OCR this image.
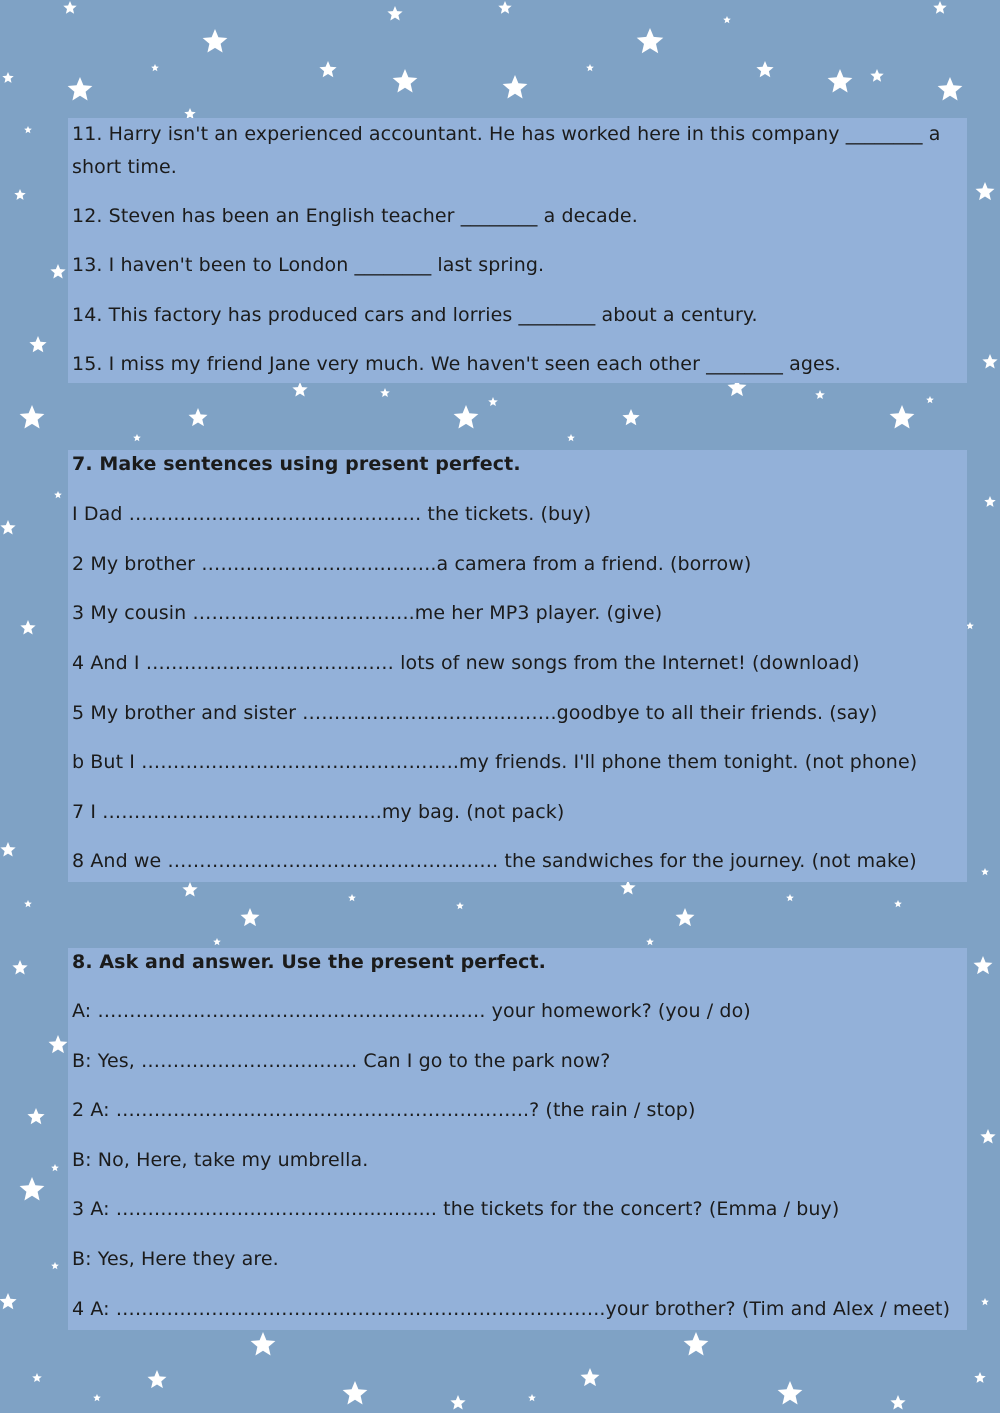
11. Harry isn't an experienced accountant. He has worked here in this company ________ a short time.
12. Steven has been an English teacher ________ a decade.
13. I haven't been to London ________ last spring.
14. This factory has produced cars and lorries ________ about a century.
15. I miss my friend Jane very much. We haven't seen each other ________ ages.
7. Make sentences using present perfect.
I Dad ………………………………………. the tickets. (buy)
2 My brother ……………………………….a camera from a friend. (borrow)
3 My cousin ……………………………..me her MP3 player. (give)
4 And I ………………………………… lots of new songs from the Internet! (download)
5 My brother and sister ………………………………….goodbye to all their friends. (say)
b But I …………………………………………..my friends. I'll phone them tonight. (not phone)
7 I ……………………………………..my bag. (not pack)
8 And we ……………………………………………. the sandwiches for the journey. (not make)
8. Ask and answer. Use the present perfect.
A: ……………………………………………………. your homework? (you / do)
B: Yes, ……………………………. Can I go to the park now?
2 A: ………………………………………………………..? (the rain / stop)
B: No, Here, take my umbrella.
3 A: ………………………………............... the tickets for the concert? (Emma / buy)
B: Yes, Here they are.
4 A: …………………………………………………………………..your brother? (Tim and Alex / meet)
